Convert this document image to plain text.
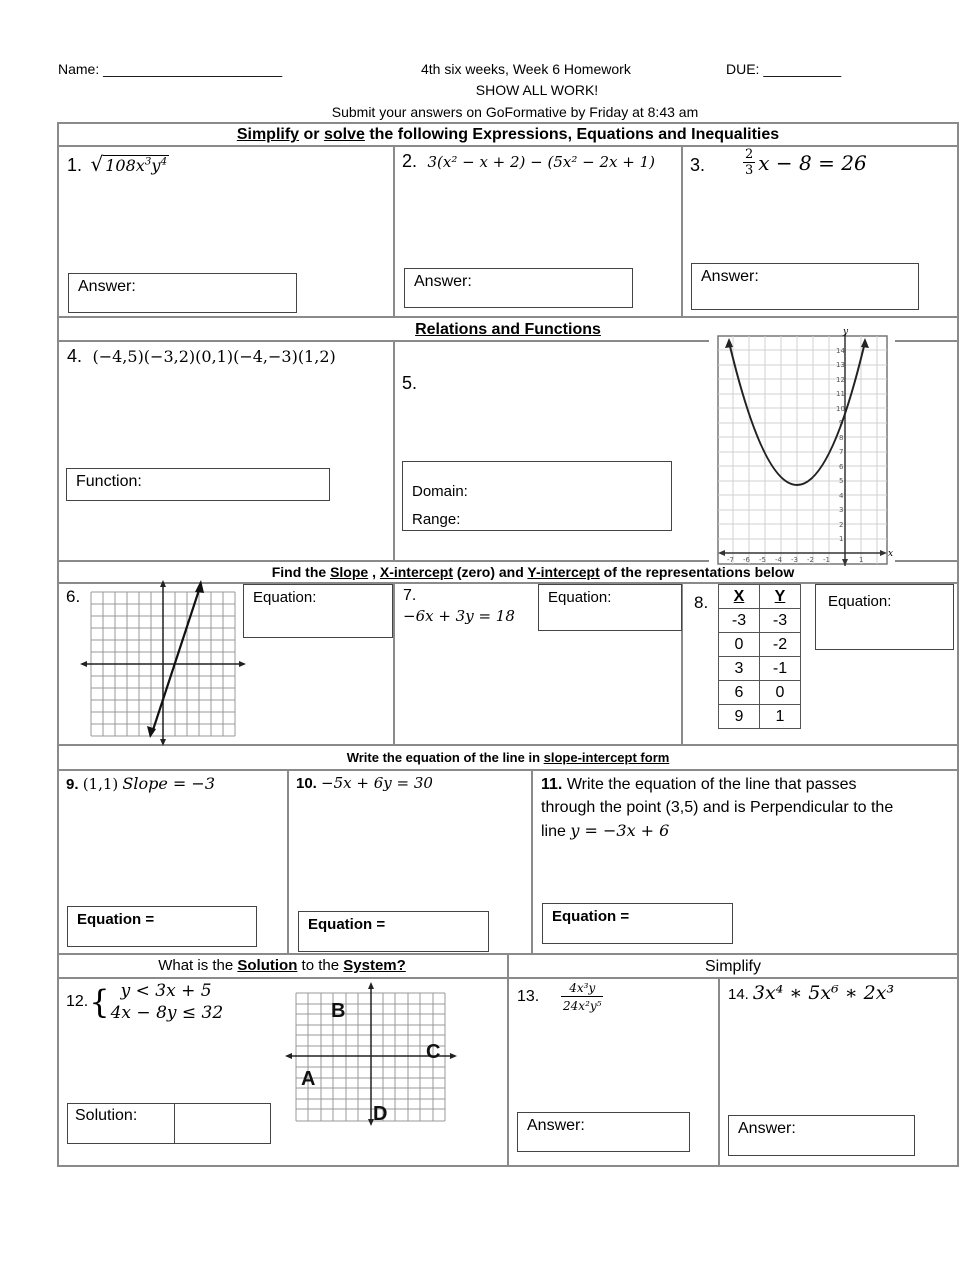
Name: _______________________	4th six weeks, Week 6 Homework	DUE: __________
SHOW ALL WORK!
Submit your answers on GoFormative by Friday at 8:43 am
Simplify or solve the following Expressions, Equations and Inequalities
1. √ $108x^3y^4$
Answer:
2. 3(x² − x + 2) − (5x² − 2x + 1)
Answer:
3.	$\frac{2}{3}$ x − 8 = 26
Answer:
Relations and Functions
4. (−4,5)(−3,2)(0,1)(−4,−3)(1,2)
Function:
5.
Domain:
Range:
y
x
14
13
12
11
10
9
8
7
6
5
4
3
2
1
-7 -6 -5 -4 -3 -2 -1	1
Find the Slope , X-intercept (zero) and Y-intercept of the representations below
6.	Equation:	7.
−6x + 3y = 18
Equation:	8. X	Y
-3	-3
0	-2
3	-1
6	0
9	1
Equation:
Write the equation of the line in slope-intercept form
9. (1,1) Slope = −3
Equation =
10. −5x + 6y = 30
Equation =
11. Write the equation of the line that passes
through the point (3,5) and is Perpendicular to the
line y = −3x + 6
Equation =
What is the Solution to the System?
12. { y < 3x + 5
4x − 8y ≤ 32
Solution:
B
C
A
D
Simplify
13. $\frac{\text{4x³y}}{\text{24x²y⁵}}$
Answer:
14. 3x⁴ ∗ 5x⁶ ∗ 2x³
Answer:
